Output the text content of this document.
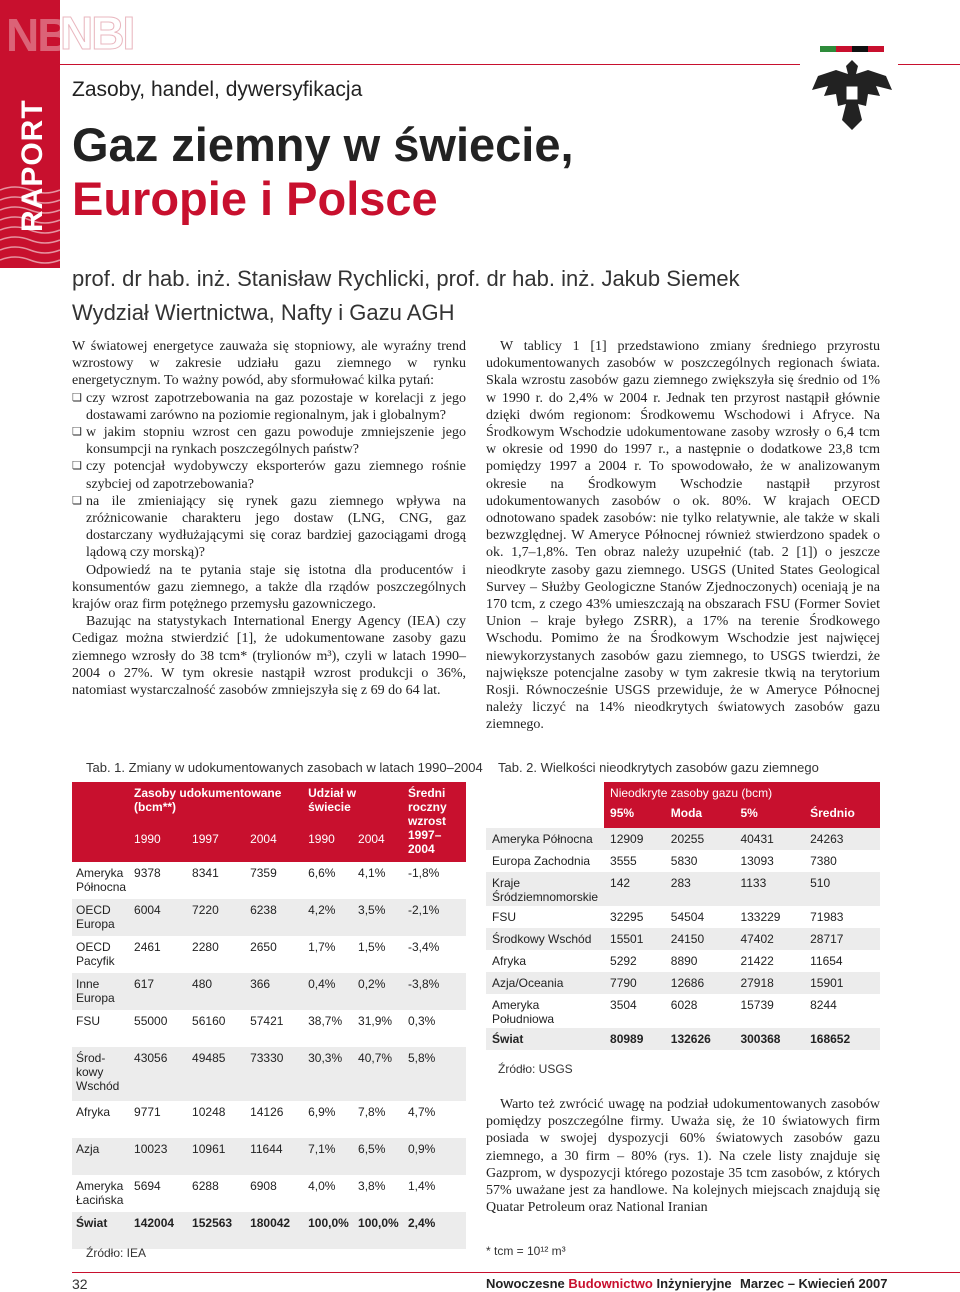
NBI
RAPORT
NBI
Zasoby, handel, dywersyfikacja
Gaz ziemny w świecie,
Europie i Polsce
prof. dr hab. inż. Stanisław Rychlicki, prof. dr hab. inż. Jakub Siemek
Wydział Wiertnictwa, Nafty i Gazu AGH

W światowej energetyce zauważa się stopniowy, ale wyraźny trend wzrostowy w zakresie udziału gazu ziemnego w rynku energetycznym. To ważny powód, aby sformułować kilka pytań:

❏ czy wzrost zapotrzebowania na gaz pozostaje w korelacji z jego dostawami zarówno na poziomie regionalnym, jak i globalnym?
❏ w jakim stopniu wzrost cen gazu powoduje zmniejszenie jego konsumpcji na rynkach poszczególnych państw?
❏ czy potencjał wydobywczy eksporterów gazu ziemnego rośnie szybciej od zapotrzebowania?
❏ na ile zmieniający się rynek gazu ziemnego wpływa na zróżnicowanie charakteru jego dostaw (LNG, CNG, gaz dostarczany wydłużającymi się coraz bardziej gazociągami drogą lądową czy morską)?

Odpowiedź na te pytania staje się istotna dla producentów i konsumentów gazu ziemnego, a także dla rządów poszczególnych krajów oraz firm potężnego przemysłu gazowniczego.

Bazując na statystykach International Energy Agency (IEA) czy Cedigaz można stwierdzić [1], że udokumentowane zasoby gazu ziemnego wzrosły do 38 tcm* (trylionów m³), czyli w latach 1990–2004 o 27%. W tym okresie nastąpił wzrost produkcji o 36%, natomiast wystarczalność zasobów zmniejszyła się z 69 do 64 lat.

W tablicy 1 [1] przedstawiono zmiany średniego przyrostu udokumentowanych zasobów w poszczególnych regionach świata. Skala wzrostu zasobów gazu ziemnego zwiększyła się średnio od 1% w 1990 r. do 2,4% w 2004 r. Jednak ten przyrost nastąpił głównie dzięki dwóm regionom: Środkowemu Wschodowi i Afryce. Na Środkowym Wschodzie udokumentowane zasoby wzrosły o 6,4 tcm w okresie od 1990 do 1997 r., a następnie o dodatkowe 23,8 tcm pomiędzy 1997 a 2004 r. To spowodowało, że w analizowanym okresie na Środkowym Wschodzie nastąpił przyrost udokumentowanych zasobów o ok. 80%. W krajach OECD odnotowano spadek zasobów: nie tylko relatywnie, ale także w skali bezwzględnej. W Ameryce Północnej również stwierdzono spadek o ok. 1,7–1,8%. Ten obraz należy uzupełnić (tab. 2 [1]) o jeszcze nieodkryte zasoby gazu ziemnego. USGS (United States Geological Survey – Służby Geologiczne Stanów Zjednoczonych) oceniają je na 170 tcm, z czego 43% umieszczają na obszarach FSU (Former Soviet Union – kraje byłego ZSRR), a 17% na terenie Środkowego Wschodu. Pomimo że na Środkowym Wschodzie jest najwięcej niewykorzystanych zasobów gazu ziemnego, to USGS twierdzi, że największe potencjalne zasoby w tym zakresie tkwią na terytorium Rosji. Równocześnie USGS przewiduje, że w Ameryce Północnej należy liczyć na 14% nieodkrytych światowych zasobów gazu ziemnego.

Warto też zwrócić uwagę na podział udokumentowanych zasobów pomiędzy poszczególne firmy. Uważa się, że 10 światowych firm posiada w swojej dyspozycji 60% światowych zasobów gazu ziemnego, a 30 firm – 80% (rys. 1). Na czele listy znajduje się Gazprom, w dyspozycji którego pozostaje 35 tcm zasobów, z których 57% uważane jest za handlowe. Na kolejnych miejscach znajdują się Quatar Petroleum oraz National Iranian

Tab. 1. Zmiany w udokumentowanych zasobach w latach 1990–2004
	Zasoby udokumentowane (bcm**)			Udział w świecie		Średni roczny wzrost 1997–2004
	1990	1997	2004	1990	2004	
Ameryka Północna	9378	8341	7359	6,6%	4,1%	-1,8%
OECD Europa	6004	7220	6238	4,2%	3,5%	-2,1%
OECD Pacyfik	2461	2280	2650	1,7%	1,5%	-3,4%
Inne Europa	617	480	366	0,4%	0,2%	-3,8%
FSU	55000	56160	57421	38,7%	31,9%	0,3%
Środ-kowy Wschód	43056	49485	73330	30,3%	40,7%	5,8%
Afryka	9771	10248	14126	6,9%	7,8%	4,7%
Azja	10023	10961	11644	7,1%	6,5%	0,9%
Ameryka Łacińska	5694	6288	6908	4,0%	3,8%	1,4%
Świat	142004	152563	180042	100,0%	100,0%	2,4%
Źródło: IEA
Tab. 2. Wielkości nieodkrytych zasobów gazu ziemnego
	Nieodkryte zasoby gazu (bcm)			
	95%	Moda	5%	Średnio
Ameryka Północna	12909	20255	40431	24263
Europa Zachodnia	3555	5830	13093	7380
Kraje Śródziemnomorskie	142	283	1133	510
FSU	32295	54504	133229	71983
Środkowy Wschód	15501	24150	47402	28717
Afryka	5292	8890	21422	11654
Azja/Oceania	7790	12686	27918	15901
Ameryka Południowa	3504	6028	15739	8244
Świat	80989	132626	300368	168652
Źródło: USGS
* tcm = 10¹² m³
32	Nowoczesne Budownictwo Inżynieryjne Marzec – Kwiecień 2007
